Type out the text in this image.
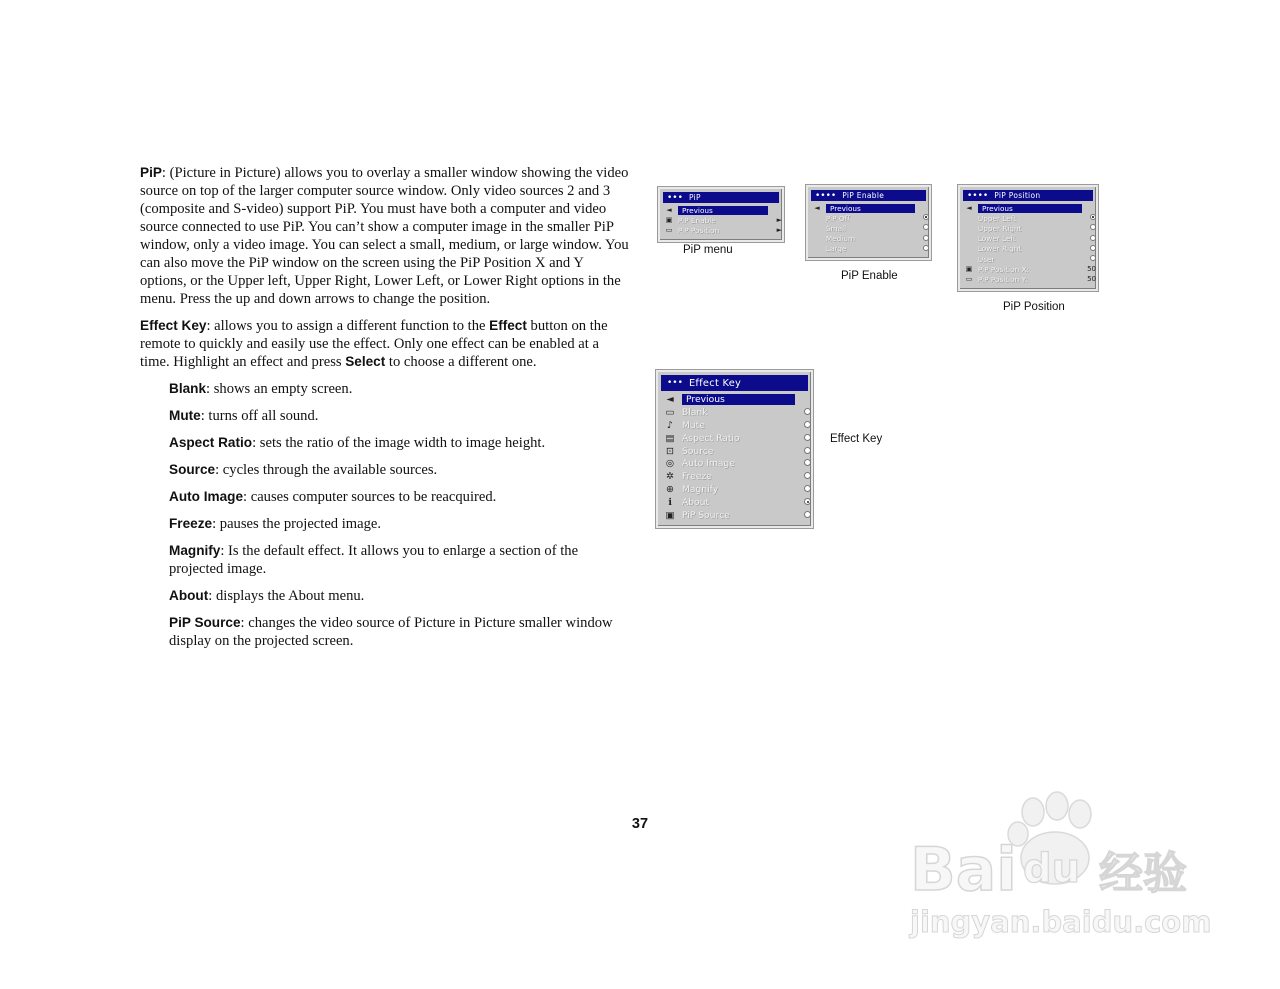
PiP: (Picture in Picture) allows you to overlay a smaller window showing the video source on top of the larger computer source window. Only video sources 2 and 3 (composite and S-video) support PiP. You must have both a computer and video source connected to use PiP. You can’t show a computer image in the smaller PiP window, only a video image. You can select a small, medium, or large window. You can also move the PiP window on the screen using the PiP Position X and Y options, or the Upper left, Upper Right, Lower Left, or Lower Right options in the menu. Press the up and down arrows to change the position.

Effect Key: allows you to assign a different function to the Effect button on the remote to quickly and easily use the effect. Only one effect can be enabled at a time. Highlight an effect and press Select to choose a different one.

Blank: shows an empty screen.

Mute: turns off all sound.

Aspect Ratio: sets the ratio of the image width to image height.

Source: cycles through the available sources.

Auto Image: causes computer sources to be reacquired.

Freeze: pauses the projected image.

Magnify: Is the default effect. It allows you to enlarge a section of the projected image.

About: displays the About menu.

PiP Source: changes the video source of Picture in Picture smaller window display on the projected screen.

••• PiP
◄	Previous
▣ PiP Enable	►
▭ PiP Position	►
PiP menu
•••• PiP Enable
◄	Previous
PiP Off
Small
Medium
Large
PiP Enable
•••• PiP Position
◄	Previous
Upper Left
Upper Right
Lower Left
Lower Right
User
▣ PiP Position X:	50
▭ PiP Position Y:	50
PiP Position
••• Effect Key
◄	Previous
▭ Blank
♪ Mute
▤ Aspect Ratio
⊡ Source
◎ Auto Image
✲ Freeze
⊕ Magnify
ℹ	About
▣ PiP Source
Effect Key
37
Bai du 经验
jingyan.baidu.com
